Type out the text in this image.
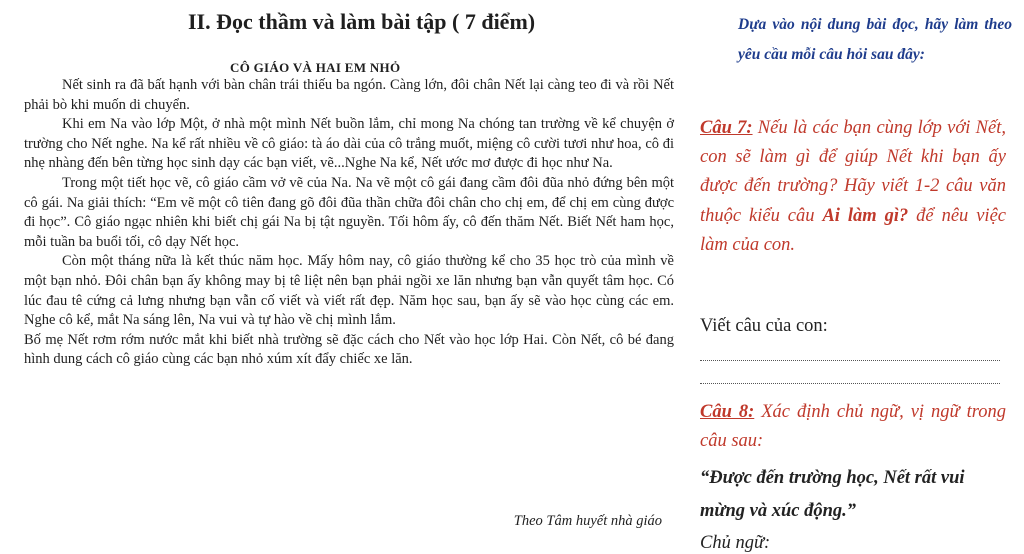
II. Đọc thầm và làm bài tập ( 7 điểm)
CÔ GIÁO VÀ HAI EM NHỎ

Nết sinh ra đã bất hạnh với bàn chân trái thiếu ba ngón. Càng lớn, đôi chân Nết lại càng teo đi và rồi Nết phải bò khi muốn di chuyển.

Khi em Na vào lớp Một, ở nhà một mình Nết buồn lắm, chỉ mong Na chóng tan trường về kể chuyện ở trường cho Nết nghe. Na kể rất nhiều về cô giáo: tà áo dài của cô trắng muốt, miệng cô cười tươi như hoa, cô đi nhẹ nhàng đến bên từng học sinh dạy các bạn viết, vẽ...Nghe Na kể, Nết ước mơ được đi học như Na.

Trong một tiết học vẽ, cô giáo cầm vở vẽ của Na. Na vẽ một cô gái đang cầm đôi đũa nhỏ đứng bên một cô gái. Na giải thích: “Em vẽ một cô tiên đang gõ đôi đũa thần chữa đôi chân cho chị em, để chị em cùng được đi học”. Cô giáo ngạc nhiên khi biết chị gái Na bị tật nguyền. Tối hôm ấy, cô đến thăm Nết. Biết Nết ham học, mỗi tuần ba buổi tối, cô dạy Nết học.

Còn một tháng nữa là kết thúc năm học. Mấy hôm nay, cô giáo thường kể cho 35 học trò của mình về một bạn nhỏ. Đôi chân bạn ấy không may bị tê liệt nên bạn phải ngồi xe lăn nhưng bạn vẫn quyết tâm học. Có lúc đau tê cứng cả lưng nhưng bạn vẫn cố viết và viết rất đẹp. Năm học sau, bạn ấy sẽ vào học cùng các em. Nghe cô kể, mắt Na sáng lên, Na vui và tự hào về chị mình lắm.

Bố mẹ Nết rơm rớm nước mắt khi biết nhà trường sẽ đặc cách cho Nết vào học lớp Hai. Còn Nết, cô bé đang hình dung cách cô giáo cùng các bạn nhỏ xúm xít đẩy chiếc xe lăn.

Theo Tâm huyết nhà giáo
Dựa vào nội dung bài đọc, hãy làm theo yêu cầu mỗi câu hỏi sau đây:
Câu 7: Nếu là các bạn cùng lớp với Nết, con sẽ làm gì để giúp Nết khi bạn ấy được đến trường? Hãy viết 1-2 câu văn thuộc kiểu câu Ai làm gì? để nêu việc làm của con.
Viết câu của con:
Câu 8: Xác định chủ ngữ, vị ngữ trong câu sau:
“Được đến trường học, Nết rất vui mừng và xúc động.”
Chủ ngữ:
